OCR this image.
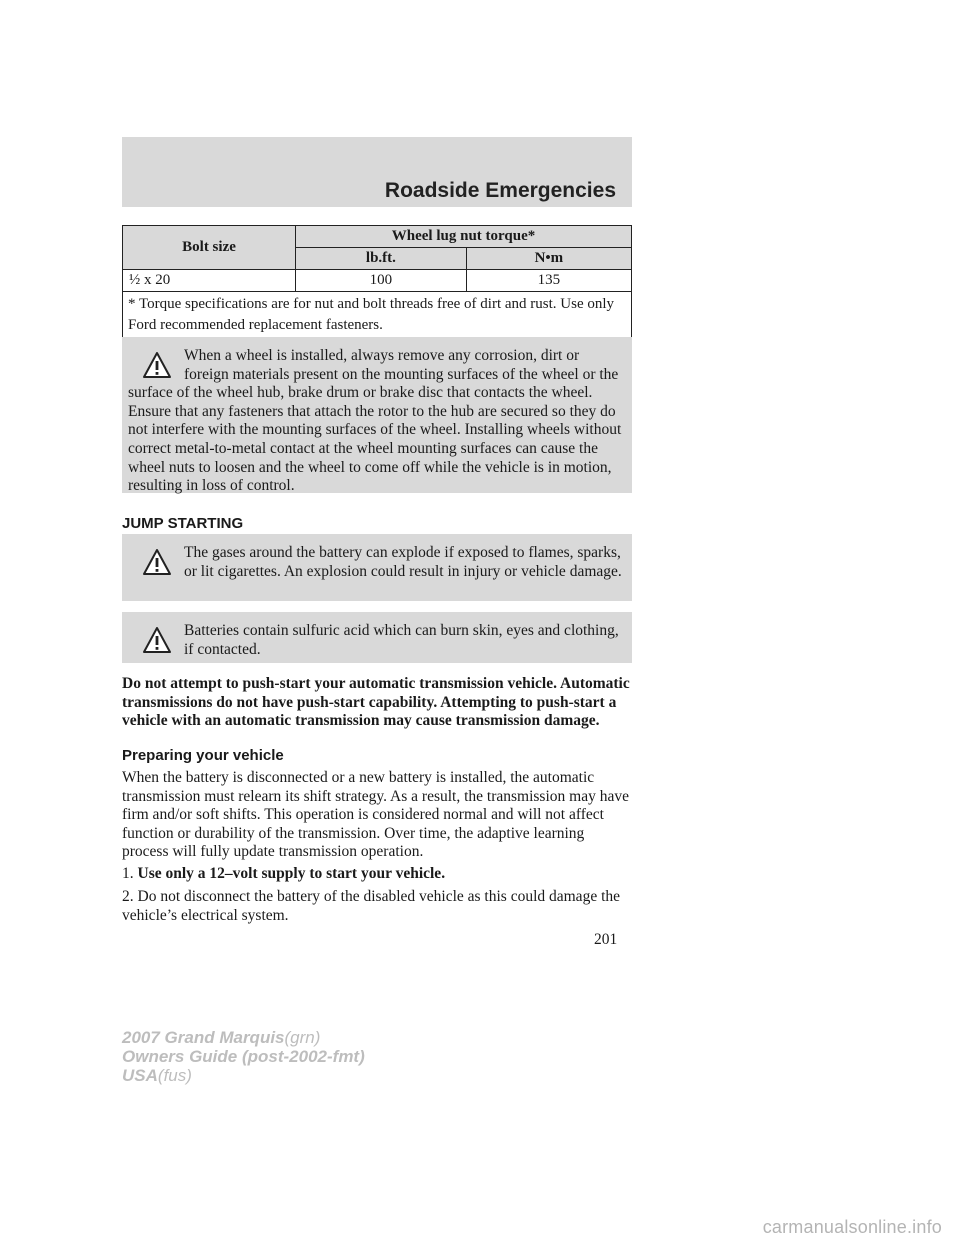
Roadside Emergencies
Bolt size	Wheel lug nut torque*	
	lb.ft.	N•m
½ x 20	100	135
* Torque specifications are for nut and bolt threads free of dirt and rust. Use only Ford recommended replacement fasteners.		
When a wheel is installed, always remove any corrosion, dirt or foreign materials present on the mounting surfaces of the wheel or the surface of the wheel hub, brake drum or brake disc that contacts the wheel. Ensure that any fasteners that attach the rotor to the hub are secured so they do not interfere with the mounting surfaces of the wheel. Installing wheels without correct metal-to-metal contact at the wheel mounting surfaces can cause the wheel nuts to loosen and the wheel to come off while the vehicle is in motion, resulting in loss of control.
JUMP STARTING
The gases around the battery can explode if exposed to flames, sparks, or lit cigarettes. An explosion could result in injury or vehicle damage.
Batteries contain sulfuric acid which can burn skin, eyes and clothing, if contacted.
Do not attempt to push-start your automatic transmission vehicle. Automatic transmissions do not have push-start capability. Attempting to push-start a vehicle with an automatic transmission may cause transmission damage.
Preparing your vehicle
When the battery is disconnected or a new battery is installed, the automatic transmission must relearn its shift strategy. As a result, the transmission may have firm and/or soft shifts. This operation is considered normal and will not affect function or durability of the transmission. Over time, the adaptive learning process will fully update transmission operation.
1. Use only a 12–volt supply to start your vehicle.
2. Do not disconnect the battery of the disabled vehicle as this could damage the vehicle’s electrical system.
201
2007 Grand Marquis(grn)
Owners Guide (post-2002-fmt)
USA(fus)
carmanualsonline.info
